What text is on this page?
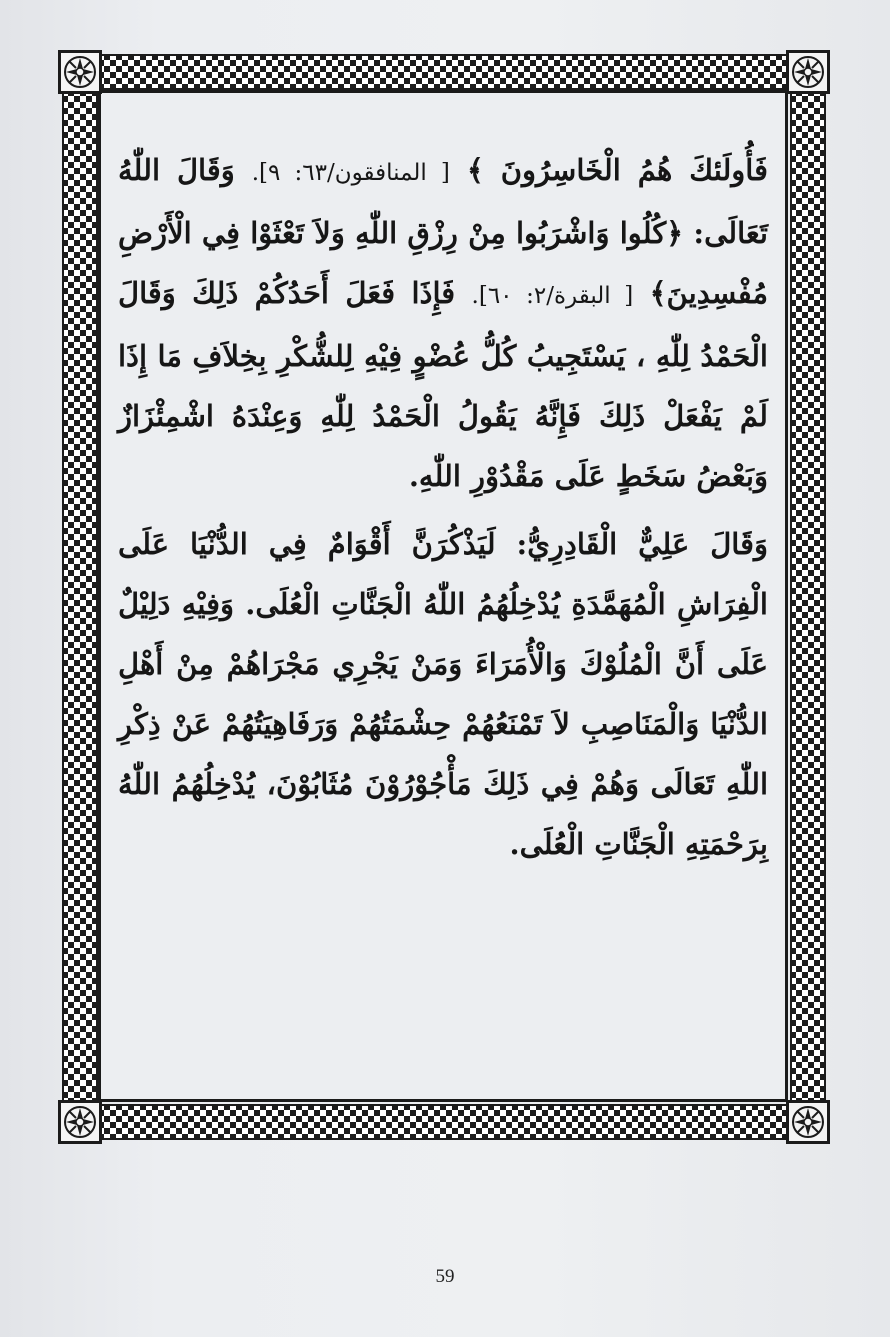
فَأُولَئكَ هُمُ الْخَاسِرُونَ ﴾ [ المنافقون/٦٣: ٩]. وَقَالَ اللّٰهُ تَعَالَى: ﴿كُلُوا وَاشْرَبُوا مِنْ رِزْقِ اللّٰهِ وَلاَ تَعْثَوْا فِي الْأَرْضِ مُفْسِدِينَ﴾ [ البقرة/٢: ٦٠]. فَإِذَا فَعَلَ أَحَدُكُمْ ذَلِكَ وَقَالَ الْحَمْدُ لِلّٰهِ ، يَسْتَجِيبُ كُلُّ عُضْوٍ فِيْهِ لِلشُّكْرِ بِخِلاَفِ مَا إِذَا لَمْ يَفْعَلْ ذَلِكَ فَإِنَّهُ يَقُولُ الْحَمْدُ لِلّٰهِ وَعِنْدَهُ اشْمِئْزَازٌ وَبَعْضُ سَخَطٍ عَلَى مَقْدُوْرِ اللّٰهِ.

وَقَالَ عَلِيٌّ الْقَادِرِيُّ: لَيَذْكُرَنَّ أَقْوَامٌ فِي الدُّنْيَا عَلَى الْفِرَاشِ الْمُهَمَّدَةِ يُدْخِلُهُمُ اللّٰهُ الْجَنَّاتِ الْعُلَى. وَفِيْهِ دَلِيْلٌ عَلَى أَنَّ الْمُلُوْكَ وَالْأُمَرَاءَ وَمَنْ يَجْرِي مَجْرَاهُمْ مِنْ أَهْلِ الدُّنْيَا وَالْمَنَاصِبِ لاَ تَمْنَعُهُمْ حِشْمَتُهُمْ وَرَفَاهِيَتُهُمْ عَنْ ذِكْرِ اللّٰهِ تَعَالَى وَهُمْ فِي ذَلِكَ مَأْجُوْرُوْنَ مُثَابُوْنَ، يُدْخِلُهُمُ اللّٰهُ بِرَحْمَتِهِ الْجَنَّاتِ الْعُلَى.

59
